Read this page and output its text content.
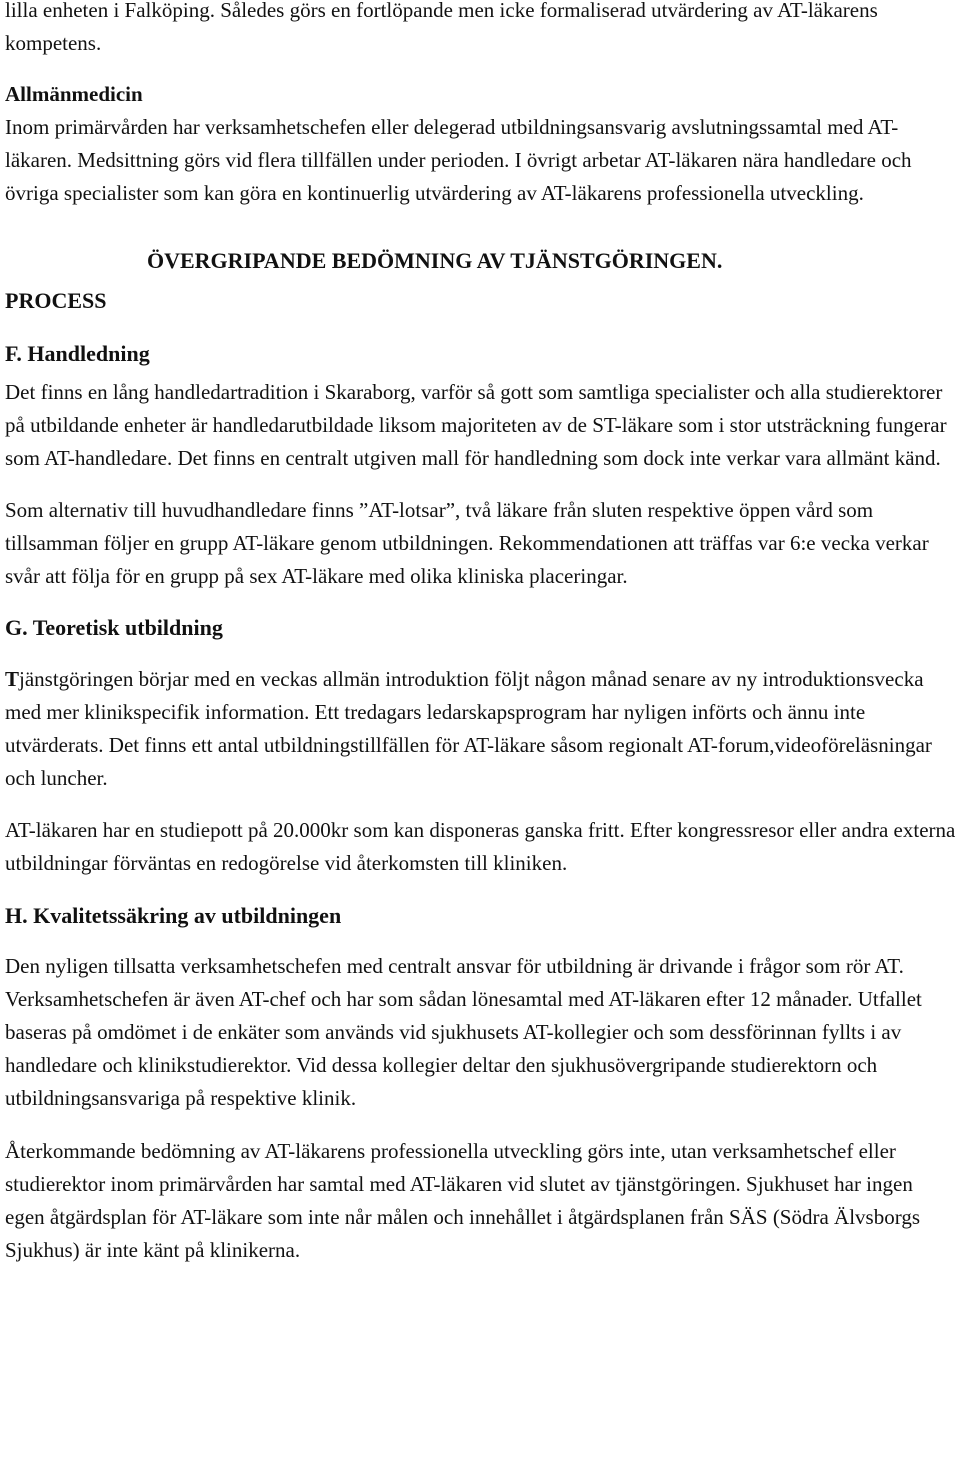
lilla enheten i Falköping. Således görs en fortlöpande men icke formaliserad utvärdering av AT-läkarens kompetens.

Allmänmedicin

Inom primärvården har verksamhetschefen eller delegerad utbildningsansvarig avslutningssamtal med AT-läkaren. Medsittning görs vid flera tillfällen under perioden. I övrigt arbetar AT-läkaren nära handledare och övriga specialister som kan göra en kontinuerlig utvärdering av AT-läkarens professionella utveckling.

ÖVERGRIPANDE BEDÖMNING AV TJÄNSTGÖRINGEN.
PROCESS
F. Handledning

Det finns en lång handledartradition i Skaraborg, varför så gott som samtliga specialister och alla studierektorer på utbildande enheter är handledarutbildade liksom majoriteten av de ST-läkare som i stor utsträckning fungerar som AT-handledare. Det finns en centralt utgiven mall för handledning som dock inte verkar vara allmänt känd.

Som alternativ till huvudhandledare finns ”AT-lotsar”, två läkare från sluten respektive öppen vård som tillsamman följer en grupp AT-läkare genom utbildningen. Rekommendationen att träffas var 6:e vecka verkar svår att följa för en grupp på sex AT-läkare med olika kliniska placeringar.

G. Teoretisk utbildning

Tjänstgöringen börjar med en veckas allmän introduktion följt någon månad senare av ny introduktionsvecka med mer klinikspecifik information. Ett tredagars ledarskapsprogram har nyligen införts och ännu inte utvärderats. Det finns ett antal utbildningstillfällen för AT-läkare såsom regionalt AT-forum,videoföreläsningar och luncher.

AT-läkaren har en studiepott på 20.000kr som kan disponeras ganska fritt. Efter kongressresor eller andra externa utbildningar förväntas en redogörelse vid återkomsten till kliniken.

H. Kvalitetssäkring av utbildningen

Den nyligen tillsatta verksamhetschefen med centralt ansvar för utbildning är drivande i frågor som rör AT. Verksamhetschefen är även AT-chef och har som sådan lönesamtal med AT-läkaren efter 12 månader. Utfallet baseras på omdömet i de enkäter som används vid sjukhusets AT-kollegier och som dessförinnan fyllts i av handledare och klinikstudierektor. Vid dessa kollegier deltar den sjukhusövergripande studierektorn och utbildningsansvariga på respektive klinik.

Återkommande bedömning av AT-läkarens professionella utveckling görs inte, utan verksamhetschef eller studierektor inom primärvården har samtal med AT-läkaren vid slutet av tjänstgöringen. Sjukhuset har ingen egen åtgärdsplan för AT-läkare som inte når målen och innehållet i åtgärdsplanen från SÄS (Södra Älvsborgs Sjukhus) är inte känt på klinikerna.
